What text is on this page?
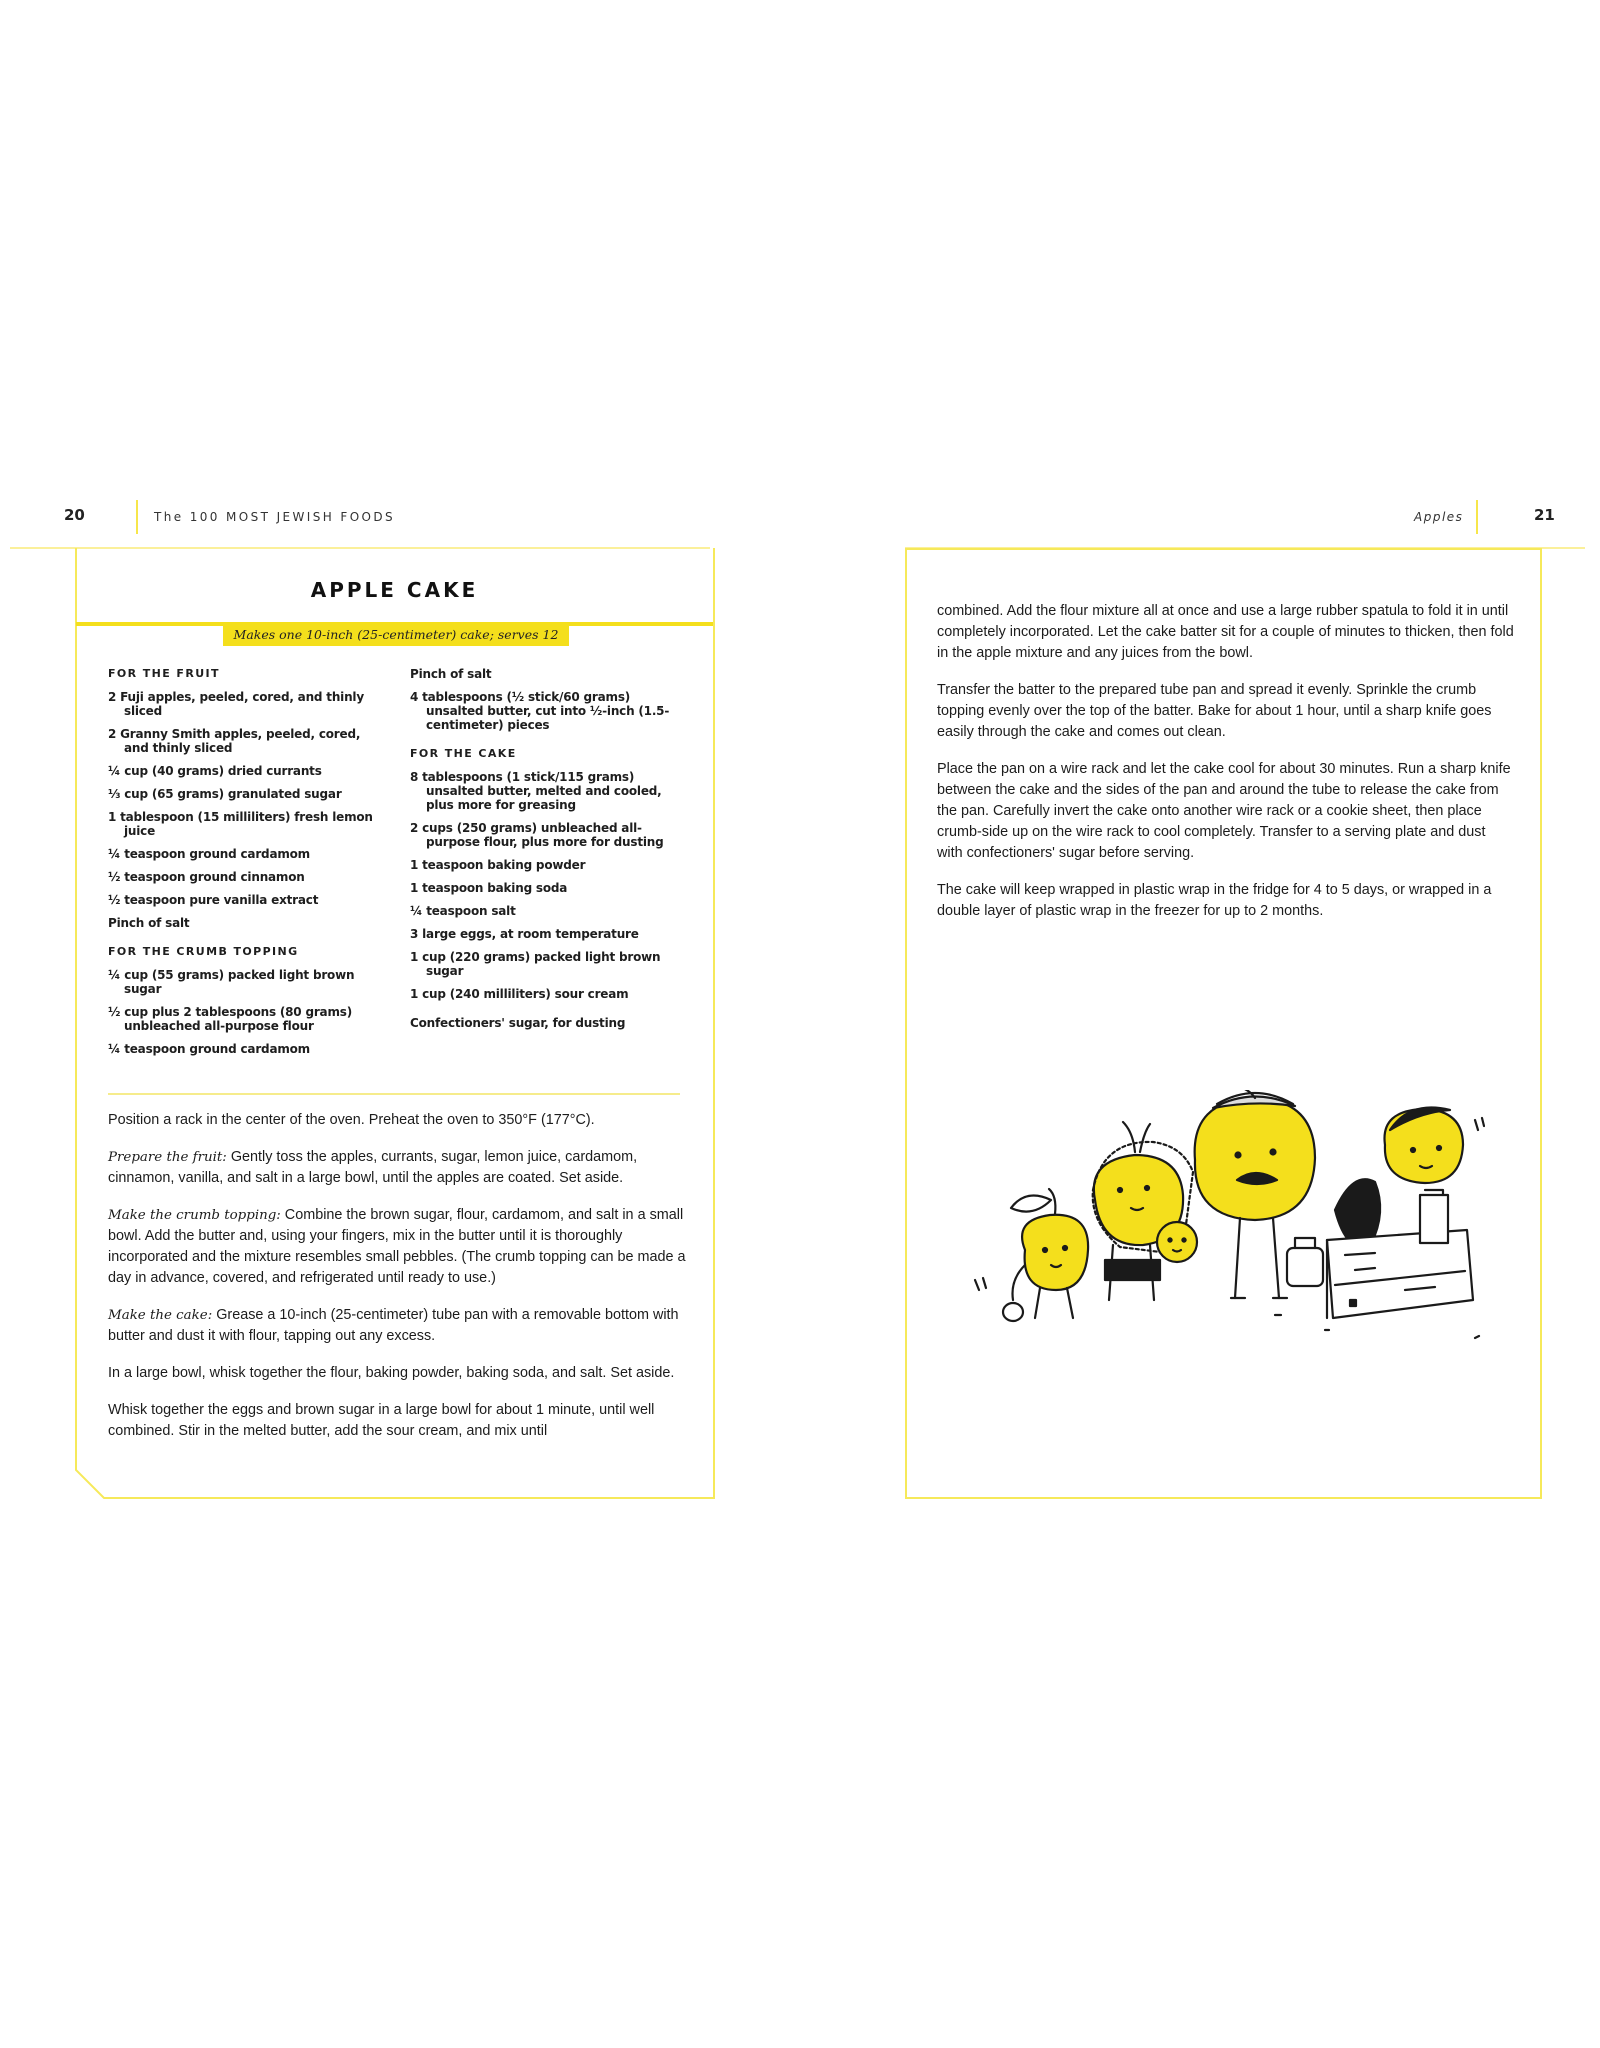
20	The 100 MOST JEWISH FOODS	Apples	21
APPLE CAKE
Makes one 10-inch (25-centimeter) cake; serves 12
FOR THE FRUIT
2 Fuji apples, peeled, cored, and thinly sliced
2 Granny Smith apples, peeled, cored, and thinly sliced
¼ cup (40 grams) dried currants
⅓ cup (65 grams) granulated sugar
1 tablespoon (15 milliliters) fresh lemon juice
¼ teaspoon ground cardamom
½ teaspoon ground cinnamon
½ teaspoon pure vanilla extract
Pinch of salt
FOR THE CRUMB TOPPING
¼ cup (55 grams) packed light brown sugar
½ cup plus 2 tablespoons (80 grams) unbleached all-purpose flour
¼ teaspoon ground cardamom
Pinch of salt
4 tablespoons (½ stick/60 grams) unsalted butter, cut into ½-inch (1.5-centimeter) pieces
FOR THE CAKE
8 tablespoons (1 stick/115 grams) unsalted butter, melted and cooled, plus more for greasing
2 cups (250 grams) unbleached all-purpose flour, plus more for dusting
1 teaspoon baking powder
1 teaspoon baking soda
¼ teaspoon salt
3 large eggs, at room temperature
1 cup (220 grams) packed light brown sugar
1 cup (240 milliliters) sour cream
Confectioners' sugar, for dusting

Position a rack in the center of the oven. Preheat the oven to 350°F (177°C).

Prepare the fruit: Gently toss the apples, currants, sugar, lemon juice, cardamom, cinnamon, vanilla, and salt in a large bowl, until the apples are coated. Set aside.

Make the crumb topping: Combine the brown sugar, flour, cardamom, and salt in a small bowl. Add the butter and, using your fingers, mix in the butter until it is thoroughly incorporated and the mixture resembles small pebbles. (The crumb topping can be made a day in advance, covered, and refrigerated until ready to use.)

Make the cake: Grease a 10-inch (25-centimeter) tube pan with a removable bottom with butter and dust it with flour, tapping out any excess.

In a large bowl, whisk together the flour, baking powder, baking soda, and salt. Set aside.

Whisk together the eggs and brown sugar in a large bowl for about 1 minute, until well combined. Stir in the melted butter, add the sour cream, and mix until

combined. Add the flour mixture all at once and use a large rubber spatula to fold it in until completely incorporated. Let the cake batter sit for a couple of minutes to thicken, then fold in the apple mixture and any juices from the bowl.

Transfer the batter to the prepared tube pan and spread it evenly. Sprinkle the crumb topping evenly over the top of the batter. Bake for about 1 hour, until a sharp knife goes easily through the cake and comes out clean.

Place the pan on a wire rack and let the cake cool for about 30 minutes. Run a sharp knife between the cake and the sides of the pan and around the tube to release the cake from the pan. Carefully invert the cake onto another wire rack or a cookie sheet, then place crumb-side up on the wire rack to cool completely. Transfer to a serving plate and dust with confectioners' sugar before serving.

The cake will keep wrapped in plastic wrap in the fridge for 4 to 5 days, or wrapped in a double layer of plastic wrap in the freezer for up to 2 months.
